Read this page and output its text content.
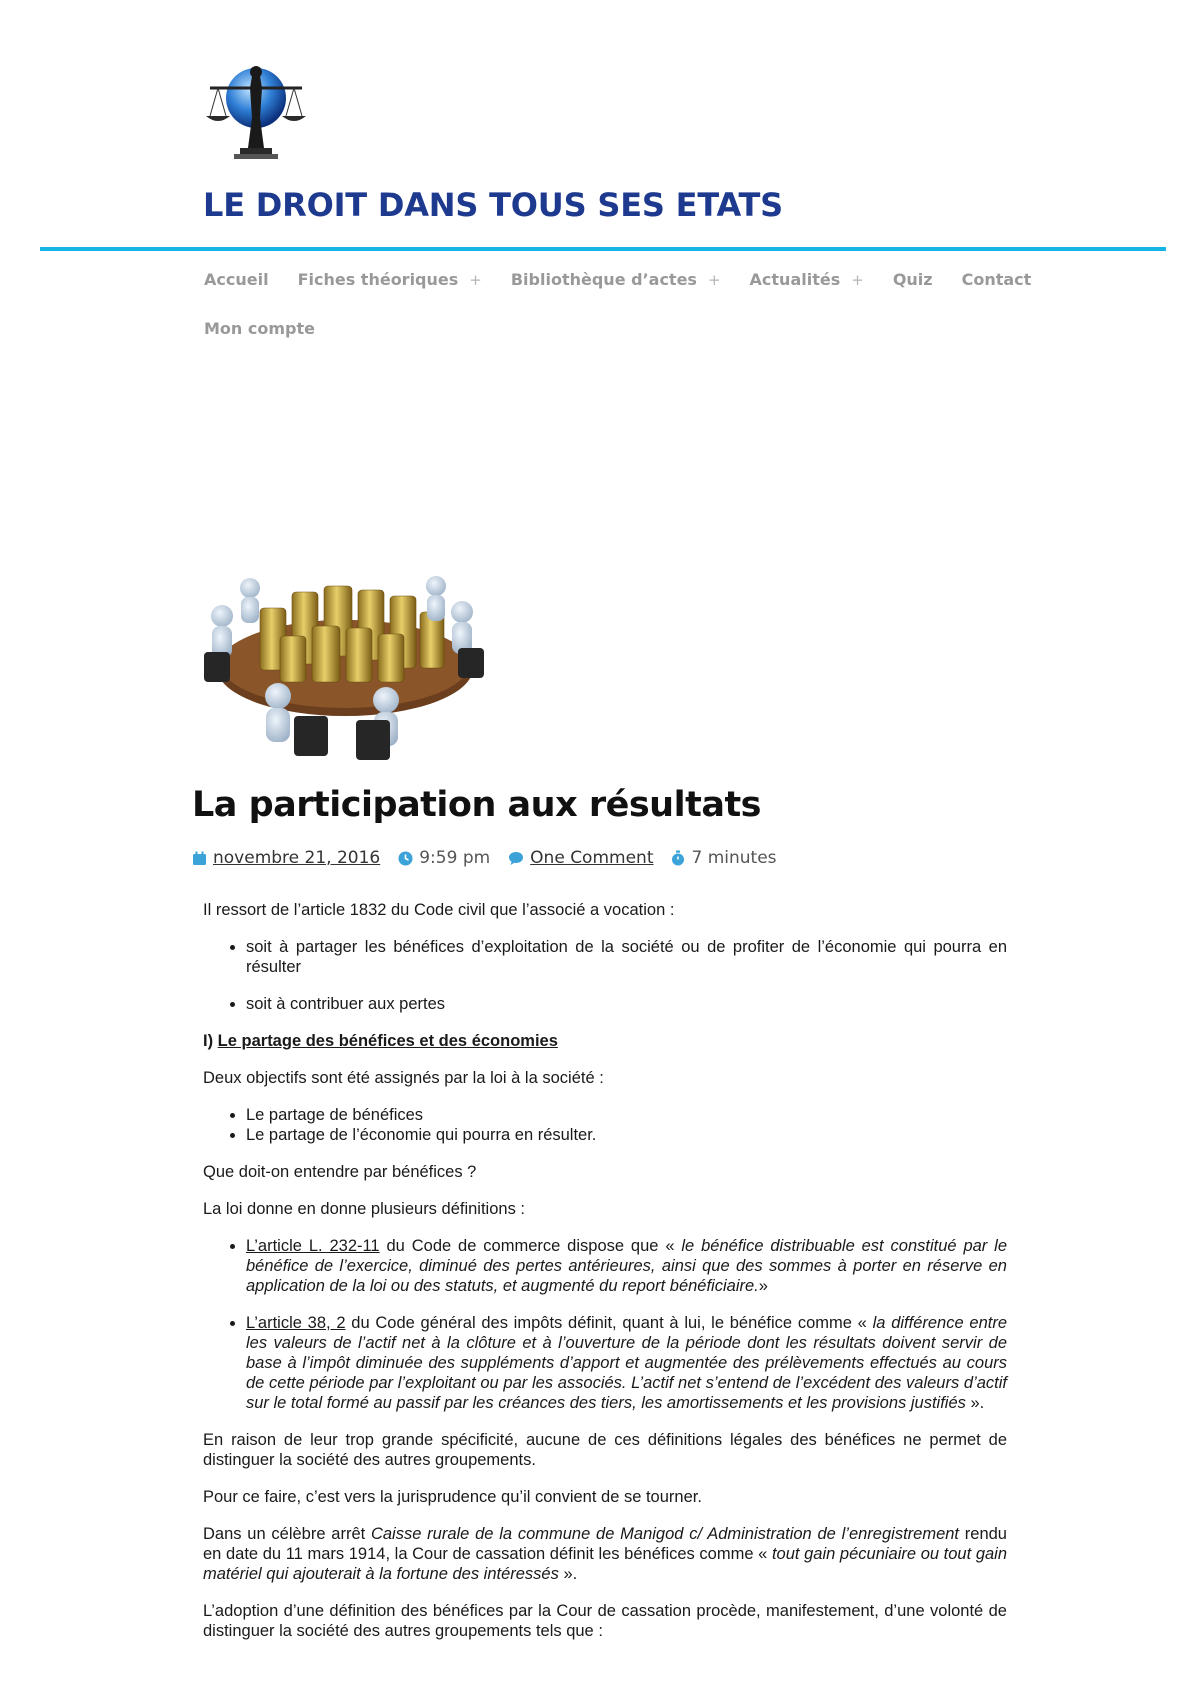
LE DROIT DANS TOUS SES ETATS
Accueil Fiches théoriques + Bibliothèque d’actes + Actualités + Quiz Contact
Mon compte
La participation aux résultats
novembre 21, 2016 9:59 pm One Comment 7 minutes

Il ressort de l’article 1832 du Code civil que l’associé a vocation :

• soit à partager les bénéfices d’exploitation de la société ou de profiter de l’économie qui pourra en résulter
• soit à contribuer aux pertes

I) Le partage des bénéfices et des économies

Deux objectifs sont été assignés par la loi à la société :

• Le partage de bénéfices
• Le partage de l’économie qui pourra en résulter.

Que doit-on entendre par bénéfices ?

La loi donne en donne plusieurs définitions :

• L’article L. 232-11 du Code de commerce dispose que « le bénéfice distribuable est constitué par le bénéfice de l’exercice, diminué des pertes antérieures, ainsi que des sommes à porter en réserve en application de la loi ou des statuts, et augmenté du report bénéficiaire.»
• L’article 38, 2 du Code général des impôts définit, quant à lui, le bénéfice comme « la différence entre les valeurs de l’actif net à la clôture et à l’ouverture de la période dont les résultats doivent servir de base à l’impôt diminuée des suppléments d’apport et augmentée des prélèvements effectués au cours de cette période par l’exploitant ou par les associés. L’actif net s’entend de l’excédent des valeurs d’actif sur le total formé au passif par les créances des tiers, les amortissements et les provisions justifiés ».

En raison de leur trop grande spécificité, aucune de ces définitions légales des bénéfices ne permet de distinguer la société des autres groupements.

Pour ce faire, c’est vers la jurisprudence qu’il convient de se tourner.

Dans un célèbre arrêt Caisse rurale de la commune de Manigod c/ Administration de l’enregistrement rendu en date du 11 mars 1914, la Cour de cassation définit les bénéfices comme « tout gain pécuniaire ou tout gain matériel qui ajouterait à la fortune des intéressés ».

L’adoption d’une définition des bénéfices par la Cour de cassation procède, manifestement, d’une volonté de distinguer la société des autres groupements tels que :
